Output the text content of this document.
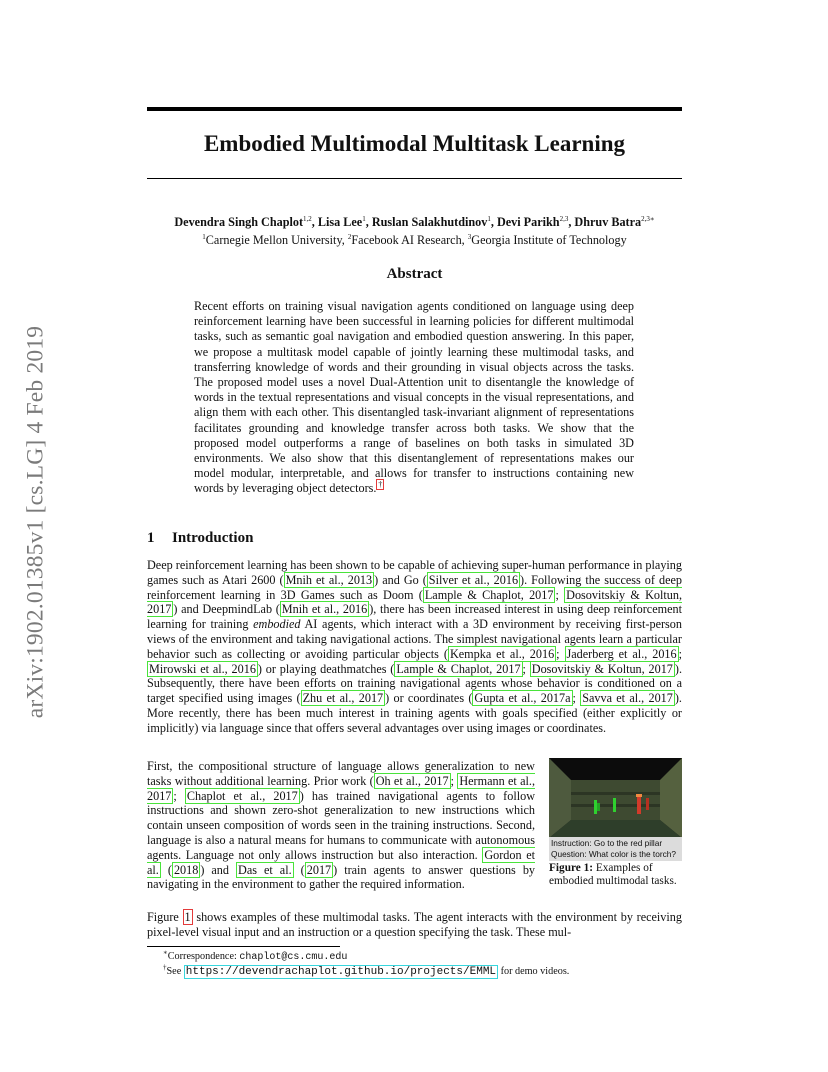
arXiv:1902.01385v1 [cs.LG] 4 Feb 2019
Embodied Multimodal Multitask Learning
Devendra Singh Chaplot$^{1,2}$, Lisa Lee$^1$, Ruslan Salakhutdinov$^1$, Devi Parikh$^{2,3}$, Dhruv Batra$^{2,3∗}$
$^1$Carnegie Mellon University, $^2$Facebook AI Research, $^3$Georgia Institute of Technology
Abstract
Recent efforts on training visual navigation agents conditioned on language using deep reinforcement learning have been successful in learning policies for different multimodal tasks, such as semantic goal navigation and embodied question answering. In this paper, we propose a multitask model capable of jointly learning these multimodal tasks, and transferring knowledge of words and their grounding in visual objects across the tasks. The proposed model uses a novel Dual-Attention unit to disentangle the knowledge of words in the textual representations and visual concepts in the visual representations, and align them with each other. This disentangled task-invariant alignment of representations facilitates grounding and knowledge transfer across both tasks. We show that the proposed model outperforms a range of baselines on both tasks in simulated 3D environments. We also show that this disentanglement of representations makes our model modular, interpretable, and allows for transfer to instructions containing new words by leveraging object detectors. †
1 Introduction
Deep reinforcement learning has been shown to be capable of achieving super-human performance in playing games such as Atari 2600 ( Mnih et al., 2013 ) and Go ( Silver et al., 2016 ). Following the success of deep reinforcement learning in 3D Games such as Doom ( Lample & Chaplot, 2017 ; Dosovitskiy & Koltun, 2017 ) and DeepmindLab ( Mnih et al., 2016 ), there has been increased interest in using deep reinforcement learning for training embodied AI agents, which interact with a 3D environment by receiving first-person views of the environment and taking navigational actions. The simplest navigational agents learn a particular behavior such as collecting or avoiding particular objects ( Kempka et al., 2016 ; Jaderberg et al., 2016 ; Mirowski et al., 2016 ) or playing deathmatches ( Lample & Chaplot, 2017 ; Dosovitskiy & Koltun, 2017 ). Subsequently, there have been efforts on training navigational agents whose behavior is conditioned on a target specified using images ( Zhu et al., 2017 ) or coordinates ( Gupta et al., 2017a ; Savva et al., 2017 ). More recently, there has been much interest in training agents with goals specified (either explicitly or implicitly) via language since that offers several advantages over using images or coordinates.
First, the compositional structure of language allows generalization to new tasks without additional learning. Prior work ( Oh et al., 2017 ; Hermann et al., 2017 ; Chaplot et al., 2017 ) has trained navigational agents to follow instructions and shown zero-shot generalization to new instructions which contain unseen composition of words seen in the training instructions. Second, language is also a natural means for humans to communicate with autonomous agents. Language not only allows instruction but also interaction. Gordon et al. ( 2018 ) and Das et al. ( 2017 ) train agents to answer questions by navigating in the environment to gather the required information.
Instruction: Go to the red pillar
Question: What color is the torch?
Figure 1: Examples of embodied multimodal tasks.
Figure 1 shows examples of these multimodal tasks. The agent interacts with the environment by receiving pixel-level visual input and an instruction or a question specifying the task. These mul-
∗Correspondence: chaplot@cs.cmu.edu
†See https://devendrachaplot.github.io/projects/EMML for demo videos.
